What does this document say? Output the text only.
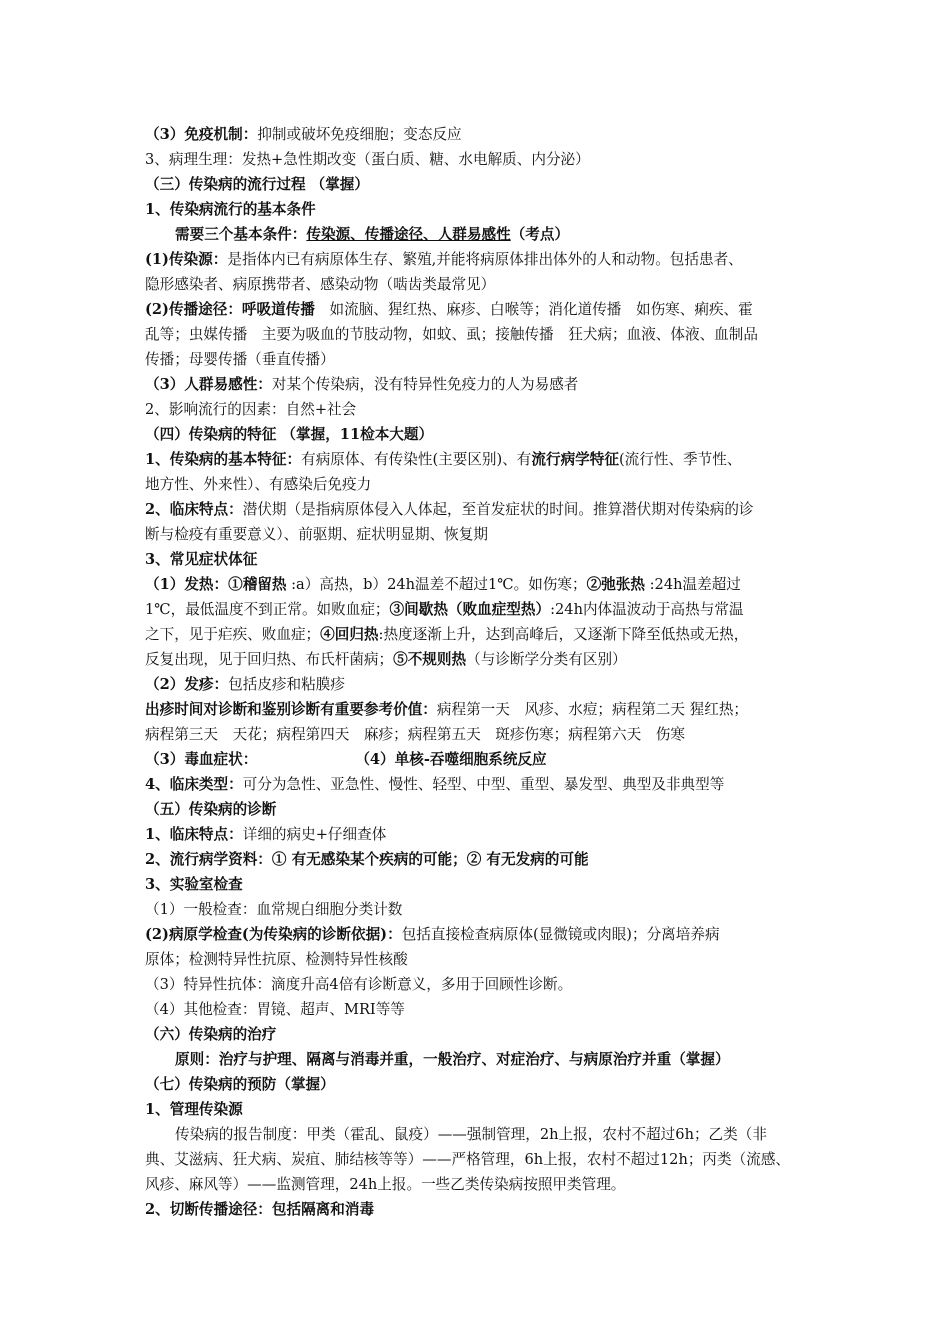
（3）免疫机制：抑制或破坏免疫细胞；变态反应
3、病理生理：发热+急性期改变（蛋白质、糖、水电解质、内分泌）
（三）传染病的流行过程 （掌握）
1、传染病流行的基本条件
需要三个基本条件：传染源、传播途径、人群易感性（考点）
(1)传染源：是指体内已有病原体生存、繁殖,并能将病原体排出体外的人和动物。包括患者、
隐形感染者、病原携带者、感染动物（啮齿类最常见）
(2)传播途径：呼吸道传播　如流脑、猩红热、麻疹、白喉等；消化道传播　如伤寒、痢疾、霍
乱等；虫媒传播　主要为吸血的节肢动物，如蚊、虱；接触传播　狂犬病；血液、体液、血制品
传播；母婴传播（垂直传播）
（3）人群易感性：对某个传染病，没有特异性免疫力的人为易感者
2、影响流行的因素：自然+社会
（四）传染病的特征 （掌握，11检本大题）
1、传染病的基本特征：有病原体、有传染性(主要区别)、有流行病学特征(流行性、季节性、
地方性、外来性）、有感染后免疫力
2、临床特点：潜伏期（是指病原体侵入人体起，至首发症状的时间。推算潜伏期对传染病的诊
断与检疫有重要意义）、前驱期、症状明显期、恢复期
3、常见症状体征
（1）发热：①稽留热 :a）高热，b）24h温差不超过1℃。如伤寒；②弛张热 :24h温差超过
1℃，最低温度不到正常。如败血症；③间歇热（败血症型热）:24h内体温波动于高热与常温
之下，见于疟疾、败血症；④回归热:热度逐渐上升，达到高峰后，又逐渐下降至低热或无热，
反复出现，见于回归热、布氏杆菌病；⑤不规则热（与诊断学分类有区别）
（2）发疹：包括皮疹和粘膜疹
出疹时间对诊断和鉴别诊断有重要参考价值：病程第一天　风疹、水痘；病程第二天 猩红热；
病程第三天　天花；病程第四天　麻疹；病程第五天　斑疹伤寒；病程第六天　伤寒
（3）毒血症状：	（4）单核-吞噬细胞系统反应
4、临床类型：可分为急性、亚急性、慢性、轻型、中型、重型、暴发型、典型及非典型等
（五）传染病的诊断
1、临床特点：详细的病史+仔细查体
2、流行病学资料：① 有无感染某个疾病的可能；② 有无发病的可能
3、实验室检查
（1）一般检查：血常规白细胞分类计数
(2)病原学检查(为传染病的诊断依据)：包括直接检查病原体(显微镜或肉眼)；分离培养病
原体；检测特异性抗原、检测特异性核酸
（3）特异性抗体：滴度升高4倍有诊断意义，多用于回顾性诊断。
（4）其他检查：胃镜、超声、MRI等等
（六）传染病的治疗
原则：治疗与护理、隔离与消毒并重，一般治疗、对症治疗、与病原治疗并重（掌握）
（七）传染病的预防（掌握）
1、管理传染源
传染病的报告制度：甲类（霍乱、鼠疫）——强制管理，2h上报，农村不超过6h；乙类（非
典、艾滋病、狂犬病、炭疽、肺结核等等）——严格管理，6h上报，农村不超过12h；丙类（流感、
风疹、麻风等）——监测管理，24h上报。一些乙类传染病按照甲类管理。
2、切断传播途径：包括隔离和消毒
